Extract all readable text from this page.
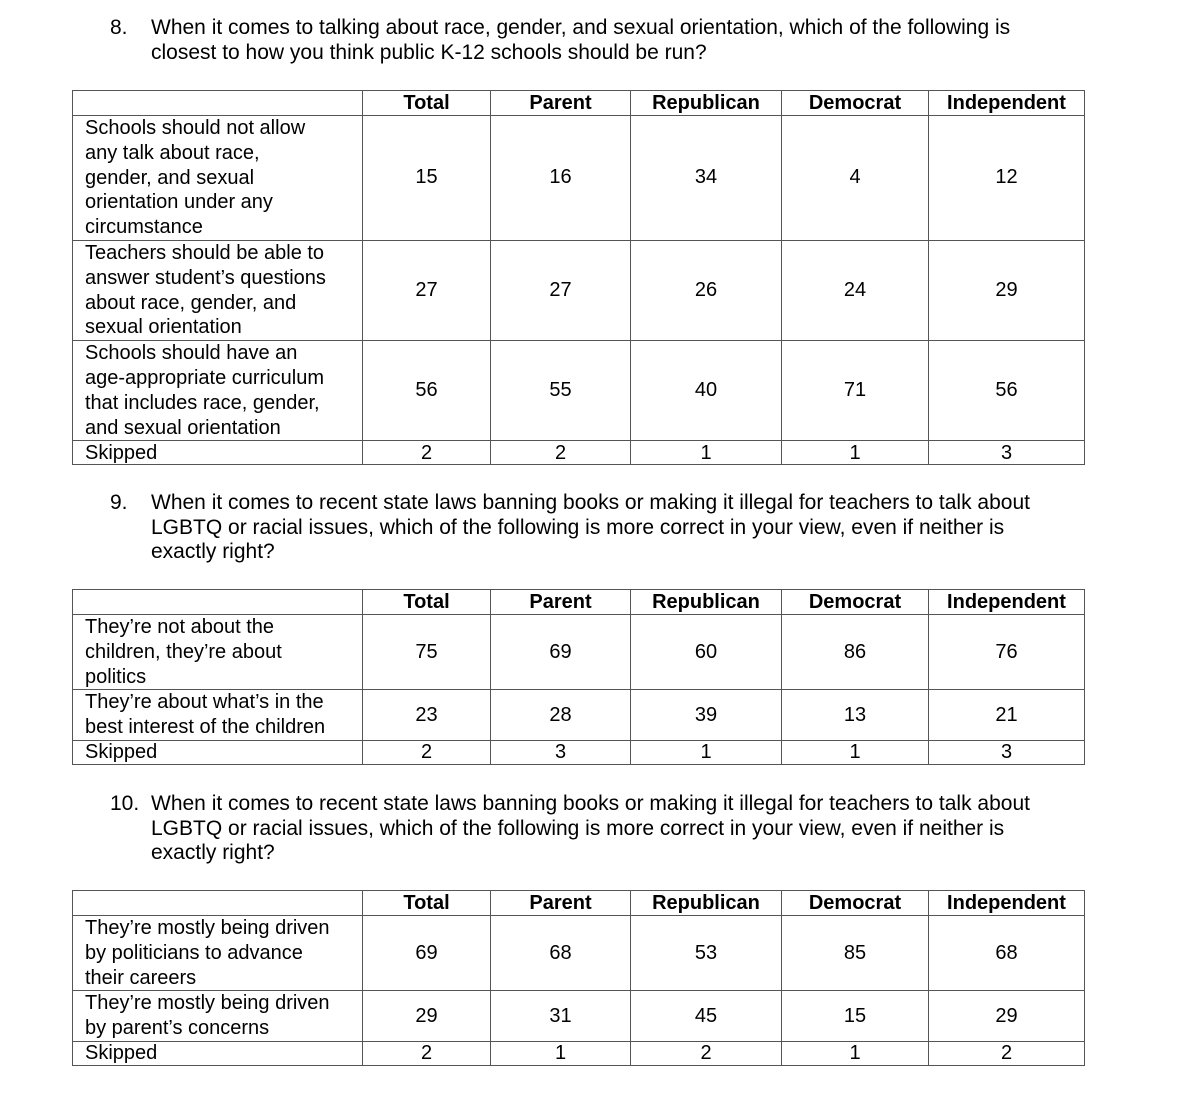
8. When it comes to talking about race, gender, and sexual orientation, which of the following is
closest to how you think public K-12 schools should be run?
	Total	Parent	Republican	Democrat	Independent

Schools should not allow
any talk about race,
gender, and sexual
orientation under any
circumstance	15	16	34	4	12

Teachers should be able to
answer student’s questions
about race, gender, and
sexual orientation	27	27	26	24	29

Schools should have an
age-appropriate curriculum
that includes race, gender,
and sexual orientation	56	55	40	71	56
Skipped	2	2	1	1	3
9. When it comes to recent state laws banning books or making it illegal for teachers to talk about
LGBTQ or racial issues, which of the following is more correct in your view, even if neither is
exactly right?
	Total	Parent	Republican	Democrat	Independent

They’re not about the
children, they’re about
politics	75	69	60	86	76

They’re about what’s in the
best interest of the children	23	28	39	13	21
Skipped	2	3	1	1	3
10. When it comes to recent state laws banning books or making it illegal for teachers to talk about
LGBTQ or racial issues, which of the following is more correct in your view, even if neither is
exactly right?
	Total	Parent	Republican	Democrat	Independent

They’re mostly being driven
by politicians to advance
their careers	69	68	53	85	68

They’re mostly being driven
by parent’s concerns	29	31	45	15	29
Skipped	2	1	2	1	2
